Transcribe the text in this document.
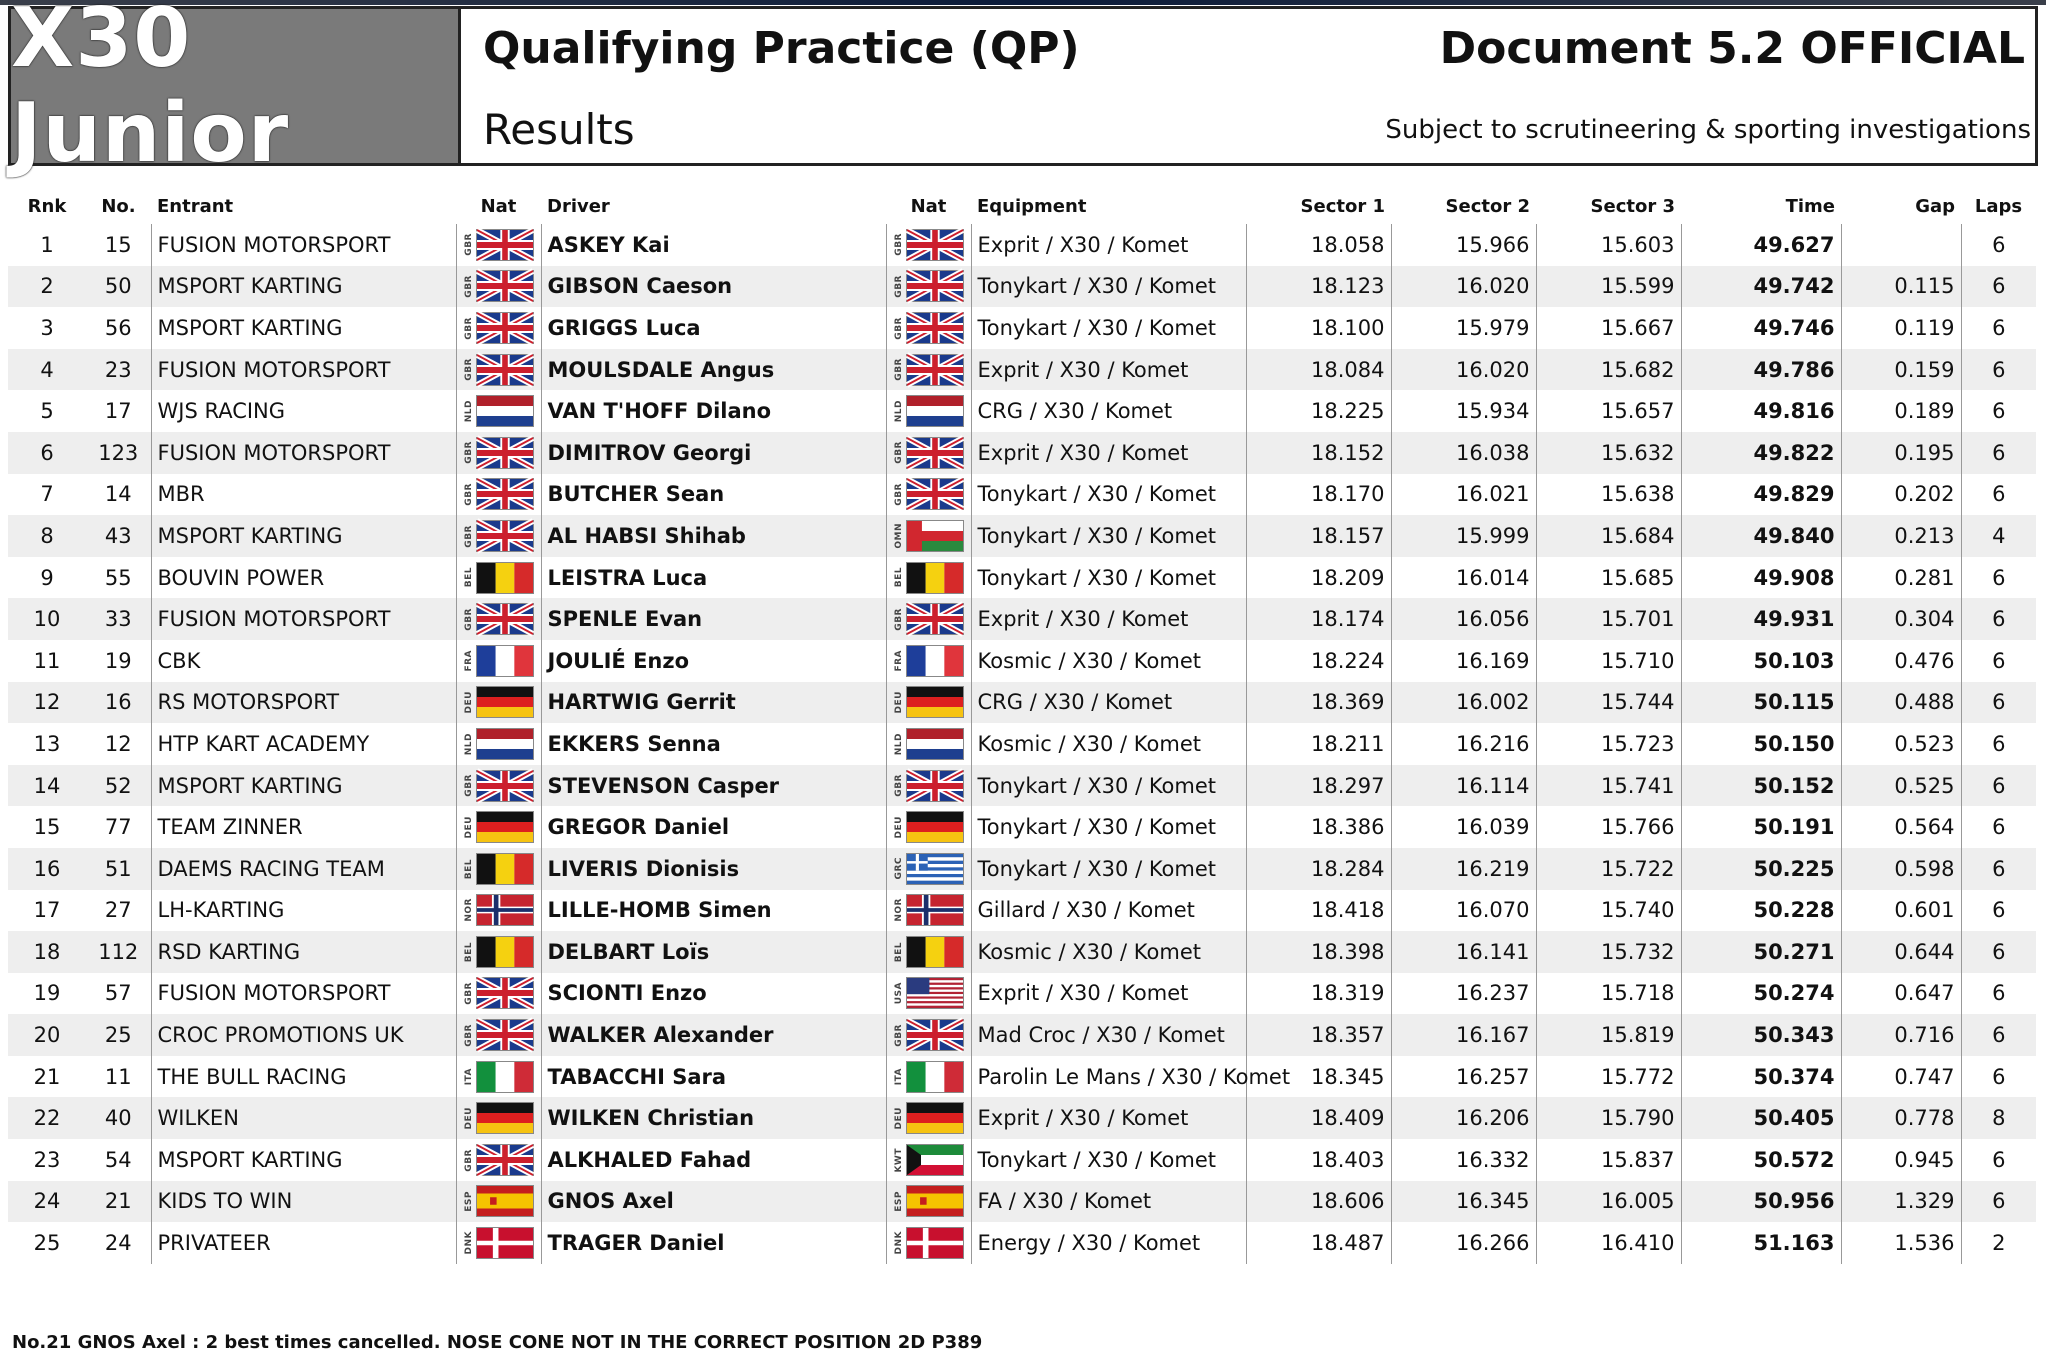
X30 Junior
Qualifying Practice (QP)
Results
Document 5.2 OFFICIAL
Subject to scrutineering & sporting investigations
Rnk	No.	Entrant	Nat	Driver	Nat	Equipment	Sector 1	Sector 2	Sector 3	Time	Gap	Laps
1	15	FUSION MOTORSPORT	GBR	ASKEY Kai	GBR	Exprit / X30 / Komet	18.058	15.966	15.603	49.627		6
2	50	MSPORT KARTING	GBR	GIBSON Caeson	GBR	Tonykart / X30 / Komet	18.123	16.020	15.599	49.742	0.115	6
3	56	MSPORT KARTING	GBR	GRIGGS Luca	GBR	Tonykart / X30 / Komet	18.100	15.979	15.667	49.746	0.119	6
4	23	FUSION MOTORSPORT	GBR	MOULSDALE Angus	GBR	Exprit / X30 / Komet	18.084	16.020	15.682	49.786	0.159	6
5	17	WJS RACING	NLD	VAN T'HOFF Dilano	NLD	CRG / X30 / Komet	18.225	15.934	15.657	49.816	0.189	6
6	123	FUSION MOTORSPORT	GBR	DIMITROV Georgi	GBR	Exprit / X30 / Komet	18.152	16.038	15.632	49.822	0.195	6
7	14	MBR	GBR	BUTCHER Sean	GBR	Tonykart / X30 / Komet	18.170	16.021	15.638	49.829	0.202	6
8	43	MSPORT KARTING	GBR	AL HABSI Shihab	OMN	Tonykart / X30 / Komet	18.157	15.999	15.684	49.840	0.213	4
9	55	BOUVIN POWER	BEL	LEISTRA Luca	BEL	Tonykart / X30 / Komet	18.209	16.014	15.685	49.908	0.281	6
10	33	FUSION MOTORSPORT	GBR	SPENLE Evan	GBR	Exprit / X30 / Komet	18.174	16.056	15.701	49.931	0.304	6
11	19	CBK	FRA	JOULIÉ Enzo	FRA	Kosmic / X30 / Komet	18.224	16.169	15.710	50.103	0.476	6
12	16	RS MOTORSPORT	DEU	HARTWIG Gerrit	DEU	CRG / X30 / Komet	18.369	16.002	15.744	50.115	0.488	6
13	12	HTP KART ACADEMY	NLD	EKKERS Senna	NLD	Kosmic / X30 / Komet	18.211	16.216	15.723	50.150	0.523	6
14	52	MSPORT KARTING	GBR	STEVENSON Casper	GBR	Tonykart / X30 / Komet	18.297	16.114	15.741	50.152	0.525	6
15	77	TEAM ZINNER	DEU	GREGOR Daniel	DEU	Tonykart / X30 / Komet	18.386	16.039	15.766	50.191	0.564	6
16	51	DAEMS RACING TEAM	BEL	LIVERIS Dionisis	GRC	Tonykart / X30 / Komet	18.284	16.219	15.722	50.225	0.598	6
17	27	LH-KARTING	NOR	LILLE-HOMB Simen	NOR	Gillard / X30 / Komet	18.418	16.070	15.740	50.228	0.601	6
18	112	RSD KARTING	BEL	DELBART Loïs	BEL	Kosmic / X30 / Komet	18.398	16.141	15.732	50.271	0.644	6
19	57	FUSION MOTORSPORT	GBR	SCIONTI Enzo	USA	Exprit / X30 / Komet	18.319	16.237	15.718	50.274	0.647	6
20	25	CROC PROMOTIONS UK	GBR	WALKER Alexander	GBR	Mad Croc / X30 / Komet	18.357	16.167	15.819	50.343	0.716	6
21	11	THE BULL RACING	ITA	TABACCHI Sara	ITA	Parolin Le Mans / X30 / Komet	18.345	16.257	15.772	50.374	0.747	6
22	40	WILKEN	DEU	WILKEN Christian	DEU	Exprit / X30 / Komet	18.409	16.206	15.790	50.405	0.778	8
23	54	MSPORT KARTING	GBR	ALKHALED Fahad	KWT	Tonykart / X30 / Komet	18.403	16.332	15.837	50.572	0.945	6
24	21	KIDS TO WIN	ESP	GNOS Axel	ESP	FA / X30 / Komet	18.606	16.345	16.005	50.956	1.329	6
25	24	PRIVATEER	DNK	TRAGER Daniel	DNK	Energy / X30 / Komet	18.487	16.266	16.410	51.163	1.536	2
No.21 GNOS Axel : 2 best times cancelled. NOSE CONE NOT IN THE CORRECT POSITION 2D P389
